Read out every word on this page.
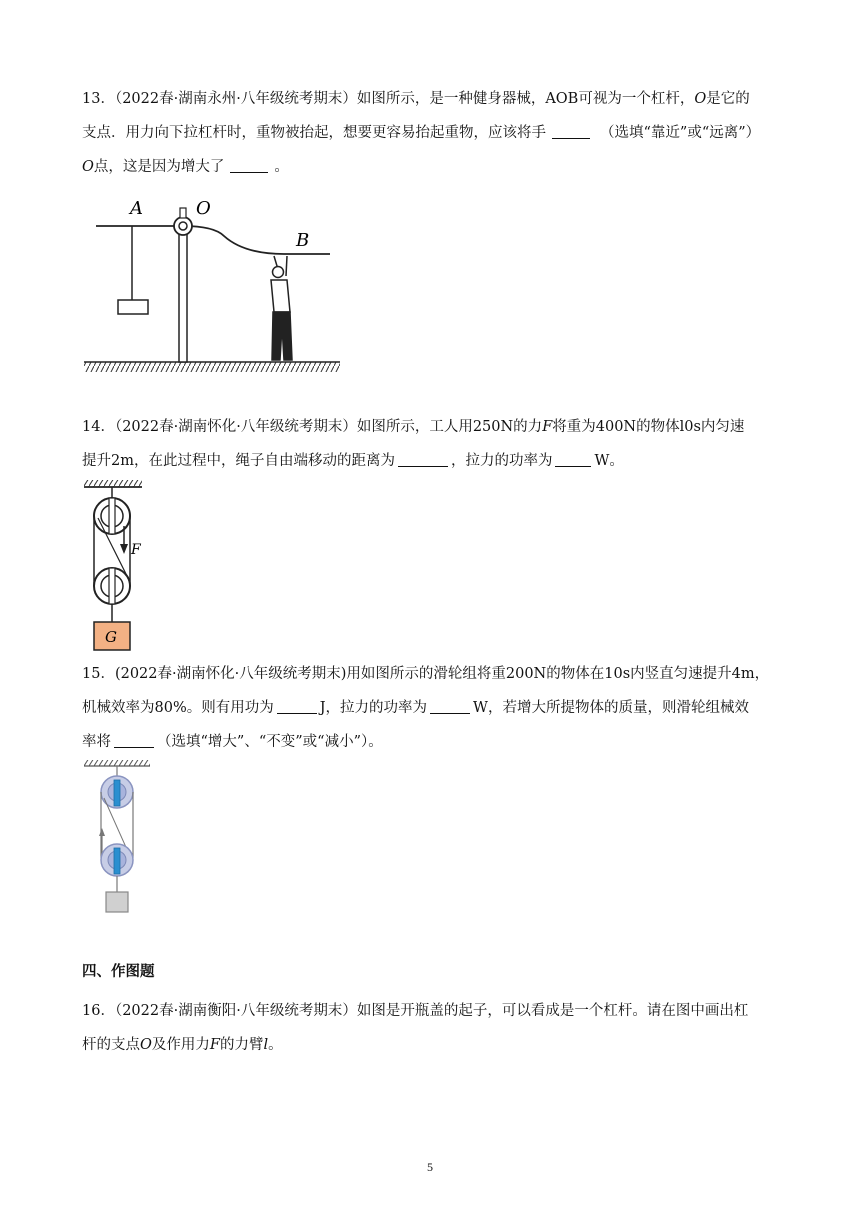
13．（2022春·湖南永州·八年级统考期末）如图所示，是一种健身器械，AOB可视为一个杠杆，O是它的

支点．用力向下拉杠杆时，重物被抬起，想要更容易抬起重物，应该将手	（选填“靠近”或“远离”）

O点，这是因为增大了	。

A	O
B

14．（2022春·湖南怀化·八年级统考期末）如图所示，工人用250N的力F将重为400N的物体l0s内匀速

提升2m，在此过程中，绳子自由端移动的距离为	，拉力的功率为	W。

F
G

15．(2022春·湖南怀化·八年级统考期末)用如图所示的滑轮组将重200N的物体在10s内竖直匀速提升4m，

机械效率为80%。则有用功为	J，拉力的功率为	W，若增大所提物体的质量，则滑轮组械效

率将	（选填“增大”、“不变”或“减小”）。

四、作图题

16．（2022春·湖南衡阳·八年级统考期末）如图是开瓶盖的起子，可以看成是一个杠杆。请在图中画出杠

杆的支点O及作用力F的力臂l。

5
